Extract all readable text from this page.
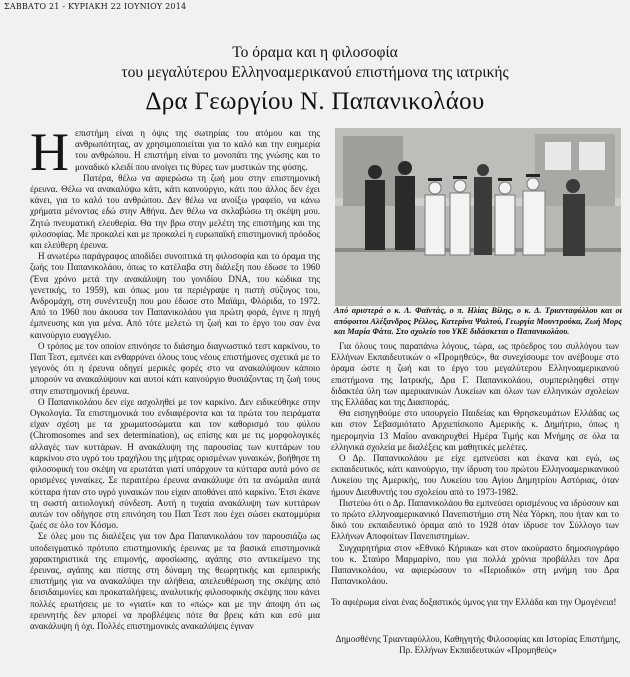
ΣΑΒΒΑΤΟ 21 - ΚΥΡΙΑΚΗ 22 ΙΟΥΝΙΟΥ 2014
Το όραμα και η φιλοσοφία
του μεγαλύτερου Ελληνοαμερικανού επιστήμονα της ιατρικής
Δρα Γεωργίου Ν. Παπανικολάου

Η επιστήμη είναι η όψις της σωτηρίας του ατόμου και της ανθρωπότητας, αν χρησιμοποιείται για το καλό και την ευημερία του ανθρώπου. Η επιστήμη είναι το μονοπάτι της γνώσης και το μοναδικό κλειδί που ανοίγει τις θύρες των μυστικών της φύσης.

Πατέρα, θέλω να αφιερώσω τη ζωή μου στην επιστημονική έρευνα. Θέλω να ανακαλύψω κάτι, κάτι καινούργιο, κάτι που άλλος δεν έχει κάνει, για το καλό του ανθρώπου. Δεν θέλω να ανοίξω γραφείο, να κάνω χρήματα μένοντας εδώ στην Αθήνα. Δεν θέλω να σκλαβώσω τη σκέψη μου. Ζητώ πνευματική ελευθερία. Θα την βρω στην μελέτη της επιστήμης και της φιλοσοφίας. Με προκαλεί και με προκαλεί η ευρωπαϊκή επιστημονική πρόοδος και ελεύθερη έρευνα.

Η ανωτέρω παράγραφος αποδίδει συνοπτικά τη φιλοσοφία και το όραμα της ζωής του Παπανικολάου, όπως το κατέλαβα στη διάλεξη που έδωσε το 1960 (Ένα χρόνο μετά την ανακάλυψη του γονιδίου DNA, του κώδικα της γενετικής, το 1959), και όπως μου τα περιέγραψε η πιστή σύζυγος του, Ανδρομάχη, στη συνέντευξη που μου έδωσε στο Μαϊάμι, Φλόριδα, το 1972. Από το 1960 που άκουσα τον Παπανικολάου για πρώτη φορά, έγινε η πηγή έμπνευσης και για μένα. Από τότε μελετώ τη ζωή και το έργο του σαν ένα καινούργιο ευαγγέλιο.

Ο τρόπος με τον οποίον επινόησε το διάσημο διαγνωστικό τεστ καρκίνου, το Παπ Τεστ, εμπνέει και ενθαρρύνει όλους τους νέους επιστήμονες σχετικά με το γεγονός ότι η έρευνα οδηγεί μερικές φορές στο να ανακαλύψουν κάποιο μπορούν να ανακαλύψουν και αυτοί κάτι καινούργιο θυσιάζοντας τη ζωή τους στην επιστημονική έρευνα.

Ο Παπανικολάου δεν είχε ασχοληθεί με τον καρκίνο. Δεν ειδικεύθηκε στην Ογκολογία. Τα επιστημονικά του ενδιαφέροντα και τα πρώτα του πειράματα είχαν σχέση με τα χρωματοσώματα και τον καθορισμό του φύλου (Chromosomes and sex determination), ως επίσης και με τις μορφολογικές αλλαγές των κυττάρων. Η ανακάλυψη της παρουσίας των κυττάρων του καρκίνου στο υγρό του τραχήλου της μήτρας ορισμένων γυναικών, βοήθησε τη φιλοσοφική του σκέψη να ερωτάται γιατί υπάρχουν τα κύτταρα αυτά μόνο σε ορισμένες γυναίκες. Σε περαιτέρω έρευνα ανακάλυψε ότι τα ανώμαλα αυτά κύτταρα ήταν στο υγρό γυναικών που είχαν αποθάνει από καρκίνο. Έτσι έκανε τη σωστή αιτιολογική σύνδεση. Αυτή η τυχαία ανακάλυψη των κυττάρων αυτών τον οδήγησε στη επινόηση του Παπ Τεστ που έχει σώσει εκατομμύρια ζωές σε όλο τον Κόσμο.

Σε όλες μου τις διαλέξεις για τον Δρα Παπανικολάου τον παρουσιάζω ως υποδειγματικό πρότυπο επιστημονικής έρευνας με τα βασικά επιστημονικά χαρακτηριστικά της επιμονής, αφοσίωσης, αγάπης στο αντικείμενο της έρευνας, αγάπης και πίστης στη δύναμη της θεωρητικής και εμπειρικής επιστήμης για να ανακαλύψει την αλήθεια, απελευθέρωση της σκέψης από δεισιδαιμονίες και προκαταλήψεις, αναλυτικής φιλοσοφικής σκέψης που κάνει πολλές ερωτήσεις με το «γιατί» και το «πώς» και με την άποψη ότι ως ερευνητής δεν μπορεί να προβλέψεις πότε θα βρεις κάτι και εσύ μια ανακάλυψη ή όχι. Πολλές επιστημονικές ανακαλύψεις έγιναν

Από αριστερά ο κ. Λ. Φαϊντάς, ο π. Ηλίας Βίλης, ο κ. Δ. Τριανταφύλλου και οι απόφοιτοι Αλέξανδρος Ρέλλος, Κατερίνα Ψαλτού, Γεωργία Μουντρούκα, Ζωή Μορς και Μαρία Φάτα. Στο σχολείο του ΥΚΕ διδάσκεται ο Παπανικολάου.

Για όλους τους παραπάνω λόγους, τώρα, ως πρόεδρος του συλλόγου των Ελλήνων Εκπαιδευτικών ο «Προμηθεύς», θα συνεχίσουμε τον ανέβουμε στο όραμα ώστε η ζωή και το έργο του μεγαλύτερου Ελληνοαμερικανού επιστήμονα της Ιατρικής, Δρα Γ. Παπανικολάου, συμπεριληφθεί στην διδακτέα ύλη των αμερικανικών Λυκείων και όλων των ελληνικών σχολείων της Ελλάδας και της Διασποράς.

Θα εισηγηθούμε στο υπουργείο Παιδείας και Θρησκευμάτων Ελλάδας ως και στον Σεβασμιότατο Αρχιεπίσκοπο Αμερικής κ. Δημήτριο, όπως η ημερομηνία 13 Μαΐου ανακηρυχθεί Ημέρα Τιμής και Μνήμης σε όλα τα ελληνικά σχολεία με διαλέξεις και μαθητικές μελέτες.

Ο Δρ. Παπανικολάου με είχε εμπνεύσει και έκανα και εγώ, ως εκπαιδευτικός, κάτι καινούργιο, την ίδρυση του πρώτου Ελληνοαμερικανικού Λυκείου της Αμερικής, του Λυκείου του Αγίου Δημητρίου Αστόριας, όταν ήμουν Διευθυντής του σχολείου από το 1973-1982.

Πιστεύω ότι ο Δρ. Παπανικολάου θα εμπνεύσει ορισμένους να ιδρύσουν και το πρώτο ελληνοαμερικανικό Πανεπιστήμιο στη Νέα Υόρκη, που ήταν και το δικό του εκπαιδευτικό όραμα από το 1928 όταν ίδρυσε τον Σύλλογο των Ελλήνων Αποφοίτων Πανεπιστημίων.

Συγχαρητήρια στον «Εθνικό Κήρυκα» και στον ακούραστο δημοσιογράφο του κ. Σταύρο Μαρμαρίνο, που για πολλά χρόνια προβάλλει τον Δρα Παπανικολάου, να αφιερώσουν το «Περιοδικό» στη μνήμη του Δρα Παπανικολάου.

Το αφιέρωμα είναι ένας δοξαστικός ύμνος για την Ελλάδα και την Ομογένεια!

Δημοσθένης Τριανταφύλλου, Καθηγητής Φιλοσοφίας και Ιστορίας Επιστήμης,
Πρ. Ελλήνων Εκπαιδευτικών «Προμηθεύς»
